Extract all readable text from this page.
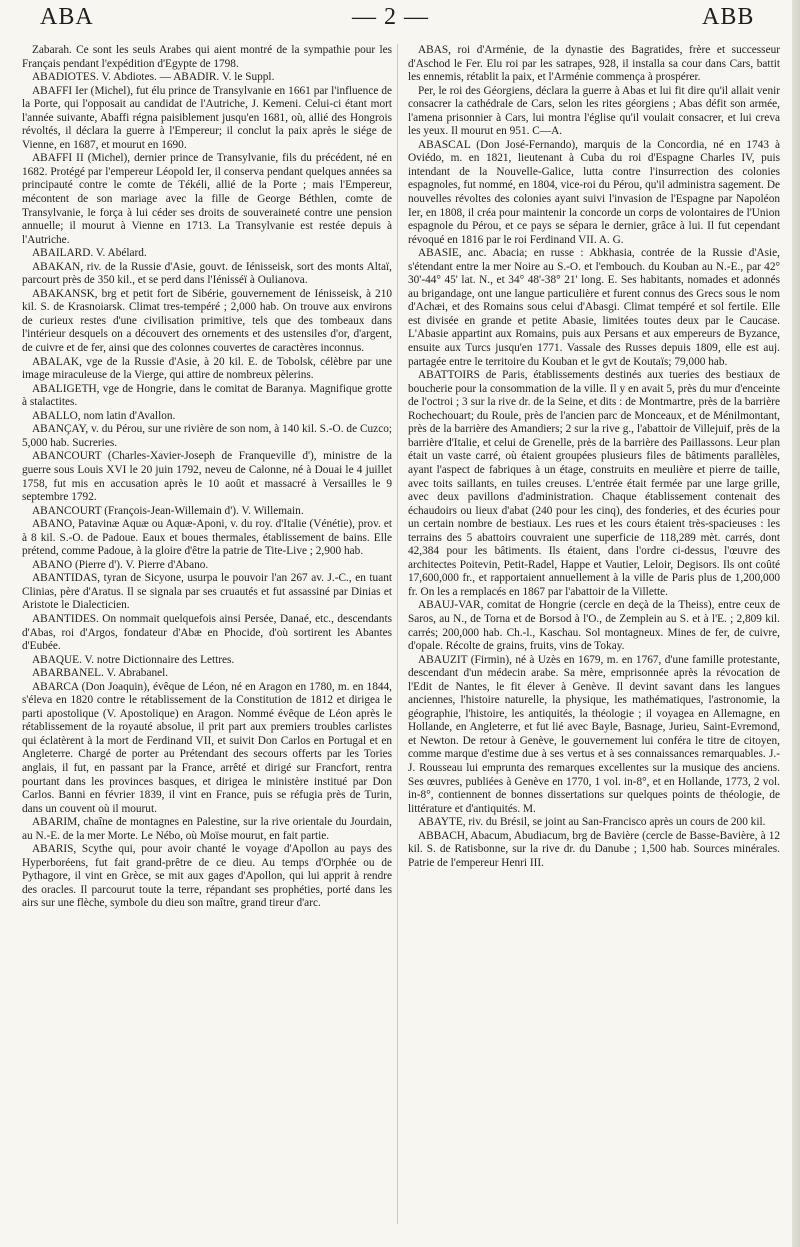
ABA	— 2 —	ABB

Zabarah. Ce sont les seuls Arabes qui aient montré de la sympathie pour les Français pendant l'expédition d'Egypte de 1798.

ABADIOTES. V. Abdiotes. — ABADIR. V. le Suppl.

ABAFFI Ier (Michel), fut élu prince de Transylvanie en 1661 par l'influence de la Porte, qui l'opposait au candidat de l'Autriche, J. Kemeni. Celui-ci étant mort l'année suivante, Abaffi régna paisiblement jusqu'en 1681, où, allié des Hongrois révoltés, il déclara la guerre à l'Empereur; il conclut la paix après le siége de Vienne, en 1687, et mourut en 1690.

ABAFFI II (Michel), dernier prince de Transylvanie, fils du précédent, né en 1682. Protégé par l'empereur Léopold Ier, il conserva pendant quelques années sa principauté contre le comte de Tékéli, allié de la Porte ; mais l'Empereur, mécontent de son mariage avec la fille de George Béthlen, comte de Transylvanie, le força à lui céder ses droits de souveraineté contre une pension annuelle; il mourut à Vienne en 1713. La Transylvanie est restée depuis à l'Autriche.

ABAILARD. V. Abélard.

ABAKAN, riv. de la Russie d'Asie, gouvt. de Iénisseisk, sort des monts Altaï, parcourt près de 350 kil., et se perd dans l'Iénisséï à Oulianova.

ABAKANSK, brg et petit fort de Sibérie, gouvernement de Iénisseisk, à 210 kil. S. de Krasnoiarsk. Climat tres-tempéré ; 2,000 hab. On trouve aux environs de curieux restes d'une civilisation primitive, tels que des tombeaux dans l'intérieur desquels on a découvert des ornements et des ustensiles d'or, d'argent, de cuivre et de fer, ainsi que des colonnes couvertes de caractères inconnus.

ABALAK, vge de la Russie d'Asie, à 20 kil. E. de Tobolsk, célèbre par une image miraculeuse de la Vierge, qui attire de nombreux pèlerins.

ABALIGETH, vge de Hongrie, dans le comitat de Baranya. Magnifique grotte à stalactites.

ABALLO, nom latin d'Avallon.

ABANÇAY, v. du Pérou, sur une rivière de son nom, à 140 kil. S.-O. de Cuzco; 5,000 hab. Sucreries.

ABANCOURT (Charles-Xavier-Joseph de Franqueville d'), ministre de la guerre sous Louis XVI le 20 juin 1792, neveu de Calonne, né à Douai le 4 juillet 1758, fut mis en accusation après le 10 août et massacré à Versailles le 9 septembre 1792.

ABANCOURT (François-Jean-Willemain d'). V. Willemain.

ABANO, Patavinæ Aquæ ou Aquæ-Aponi, v. du roy. d'Italie (Vénétie), prov. et à 8 kil. S.-O. de Padoue. Eaux et boues thermales, établissement de bains. Elle prétend, comme Padoue, à la gloire d'être la patrie de Tite-Live ; 2,900 hab.

ABANO (Pierre d'). V. Pierre d'Abano.

ABANTIDAS, tyran de Sicyone, usurpa le pouvoir l'an 267 av. J.-C., en tuant Clinias, père d'Aratus. Il se signala par ses cruautés et fut assassiné par Dinias et Aristote le Dialecticien.

ABANTIDES. On nommait quelquefois ainsi Persée, Danaé, etc., descendants d'Abas, roi d'Argos, fondateur d'Abæ en Phocide, d'où sortirent les Abantes d'Eubée.

ABAQUE. V. notre Dictionnaire des Lettres.

ABARBANEL. V. Abrabanel.

ABARCA (Don Joaquin), évêque de Léon, né en Aragon en 1780, m. en 1844, s'éleva en 1820 contre le rétablissement de la Constitution de 1812 et dirigea le parti apostolique (V. Apostolique) en Aragon. Nommé évêque de Léon après le rétablissement de la royauté absolue, il prit part aux premiers troubles carlistes qui éclatèrent à la mort de Ferdinand VII, et suivit Don Carlos en Portugal et en Angleterre. Chargé de porter au Prétendant des secours offerts par les Tories anglais, il fut, en passant par la France, arrêté et dirigé sur Francfort, rentra pourtant dans les provinces basques, et dirigea le ministère institué par Don Carlos. Banni en février 1839, il vint en France, puis se réfugia près de Turin, dans un couvent où il mourut.

ABARIM, chaîne de montagnes en Palestine, sur la rive orientale du Jourdain, au N.-E. de la mer Morte. Le Nébo, où Moïse mourut, en fait partie.

ABARIS, Scythe qui, pour avoir chanté le voyage d'Apollon au pays des Hyperboréens, fut fait grand-prêtre de ce dieu. Au temps d'Orphée ou de Pythagore, il vint en Grèce, se mit aux gages d'Apollon, qui lui apprit à rendre des oracles. Il parcourut toute la terre, répandant ses prophéties, porté dans les airs sur une flèche, symbole du dieu son maître, grand tireur d'arc.

ABAS, roi d'Arménie, de la dynastie des Bagratides, frère et successeur d'Aschod le Fer. Elu roi par les satrapes, 928, il installa sa cour dans Cars, battit les ennemis, rétablit la paix, et l'Arménie commença à prospérer.

Per, le roi des Géorgiens, déclara la guerre à Abas et lui fit dire qu'il allait venir consacrer la cathédrale de Cars, selon les rites géorgiens ; Abas défit son armée, l'amena prisonnier à Cars, lui montra l'église qu'il voulait consacrer, et lui creva les yeux. Il mourut en 951. C—A.

ABASCAL (Don José-Fernando), marquis de la Concordia, né en 1743 à Oviédo, m. en 1821, lieutenant à Cuba du roi d'Espagne Charles IV, puis intendant de la Nouvelle-Galice, lutta contre l'insurrection des colonies espagnoles, fut nommé, en 1804, vice-roi du Pérou, qu'il administra sagement. De nouvelles révoltes des colonies ayant suivi l'invasion de l'Espagne par Napoléon Ier, en 1808, il créa pour maintenir la concorde un corps de volontaires de l'Union espagnole du Pérou, et ce pays se sépara le dernier, grâce à lui. Il fut cependant révoqué en 1816 par le roi Ferdinand VII. A. G.

ABASIE, anc. Abacia; en russe : Abkhasia, contrée de la Russie d'Asie, s'étendant entre la mer Noire au S.-O. et l'embouch. du Kouban au N.-E., par 42° 30'-44° 45' lat. N., et 34° 48'-38° 21' long. E. Ses habitants, nomades et adonnés au brigandage, ont une langue particulière et furent connus des Grecs sous le nom d'Achæi, et des Romains sous celui d'Abasgi. Climat tempéré et sol fertile. Elle est divisée en grande et petite Abasie, limitées toutes deux par le Caucase. L'Abasie appartint aux Romains, puis aux Persans et aux empereurs de Byzance, ensuite aux Turcs jusqu'en 1771. Vassale des Russes depuis 1809, elle est auj. partagée entre le territoire du Kouban et le gvt de Koutaïs; 79,000 hab.

ABATTOIRS de Paris, établissements destinés aux tueries des bestiaux de boucherie pour la consommation de la ville. Il y en avait 5, près du mur d'enceinte de l'octroi ; 3 sur la rive dr. de la Seine, et dits : de Montmartre, près de la barrière Rochechouart; du Roule, près de l'ancien parc de Monceaux, et de Ménilmontant, près de la barrière des Amandiers; 2 sur la rive g., l'abattoir de Villejuif, près de la barrière d'Italie, et celui de Grenelle, près de la barrière des Paillassons. Leur plan était un vaste carré, où étaient groupées plusieurs files de bâtiments parallèles, ayant l'aspect de fabriques à un étage, construits en meulière et pierre de taille, avec toits saillants, en tuiles creuses. L'entrée était fermée par une large grille, avec deux pavillons d'administration. Chaque établissement contenait des échaudoirs ou lieux d'abat (240 pour les cinq), des fonderies, et des écuries pour un certain nombre de bestiaux. Les rues et les cours étaient très-spacieuses : les terrains des 5 abattoirs couvraient une superficie de 118,289 mèt. carrés, dont 42,384 pour les bâtiments. Ils étaient, dans l'ordre ci-dessus, l'œuvre des architectes Poitevin, Petit-Radel, Happe et Vautier, Leloir, Degisors. Ils ont coûté 17,600,000 fr., et rapportaient annuellement à la ville de Paris plus de 1,200,000 fr. On les a remplacés en 1867 par l'abattoir de la Villette.

ABAUJ-VAR, comitat de Hongrie (cercle en deçà de la Theiss), entre ceux de Saros, au N., de Torna et de Borsod à l'O., de Zemplein au S. et à l'E. ; 2,809 kil. carrés; 200,000 hab. Ch.-l., Kaschau. Sol montagneux. Mines de fer, de cuivre, d'opale. Récolte de grains, fruits, vins de Tokay.

ABAUZIT (Firmin), né à Uzès en 1679, m. en 1767, d'une famille protestante, descendant d'un médecin arabe. Sa mère, emprisonnée après la révocation de l'Edit de Nantes, le fit élever à Genève. Il devint savant dans les langues anciennes, l'histoire naturelle, la physique, les mathématiques, l'astronomie, la géographie, l'histoire, les antiquités, la théologie ; il voyagea en Allemagne, en Hollande, en Angleterre, et fut lié avec Bayle, Basnage, Jurieu, Saint-Evremond, et Newton. De retour à Genève, le gouvernement lui conféra le titre de citoyen, comme marque d'estime due à ses vertus et à ses connaissances remarquables. J.-J. Rousseau lui emprunta des remarques excellentes sur la musique des anciens. Ses œuvres, publiées à Genève en 1770, 1 vol. in-8°, et en Hollande, 1773, 2 vol. in-8°, contiennent de bonnes dissertations sur quelques points de théologie, de littérature et d'antiquités. M.

ABAYTE, riv. du Brésil, se joint au San-Francisco après un cours de 200 kil.

ABBACH, Abacum, Abudiacum, brg de Bavière (cercle de Basse-Bavière, à 12 kil. S. de Ratisbonne, sur la rive dr. du Danube ; 1,500 hab. Sources minérales. Patrie de l'empereur Henri III.
